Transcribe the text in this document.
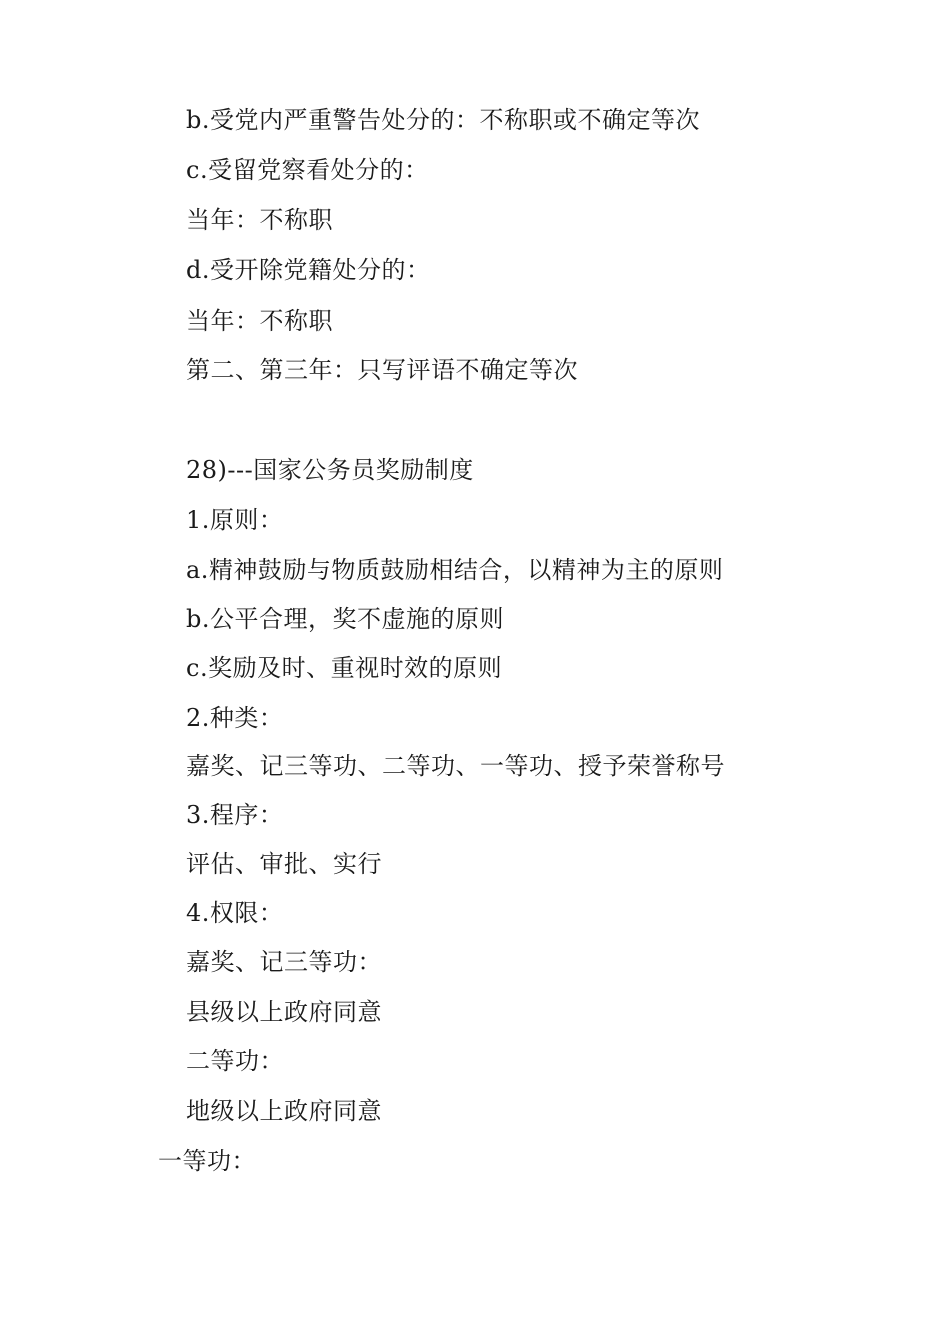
b.受党内严重警告处分的：不称职或不确定等次
c.受留党察看处分的：
当年：不称职
d.受开除党籍处分的：
当年：不称职
第二、第三年：只写评语不确定等次
28)---国家公务员奖励制度
1.原则：
a.精神鼓励与物质鼓励相结合，以精神为主的原则
b.公平合理，奖不虚施的原则
c.奖励及时、重视时效的原则
2.种类：
嘉奖、记三等功、二等功、一等功、授予荣誉称号
3.程序：
评估、审批、实行
4.权限：
嘉奖、记三等功：
县级以上政府同意
二等功：
地级以上政府同意
一等功：
